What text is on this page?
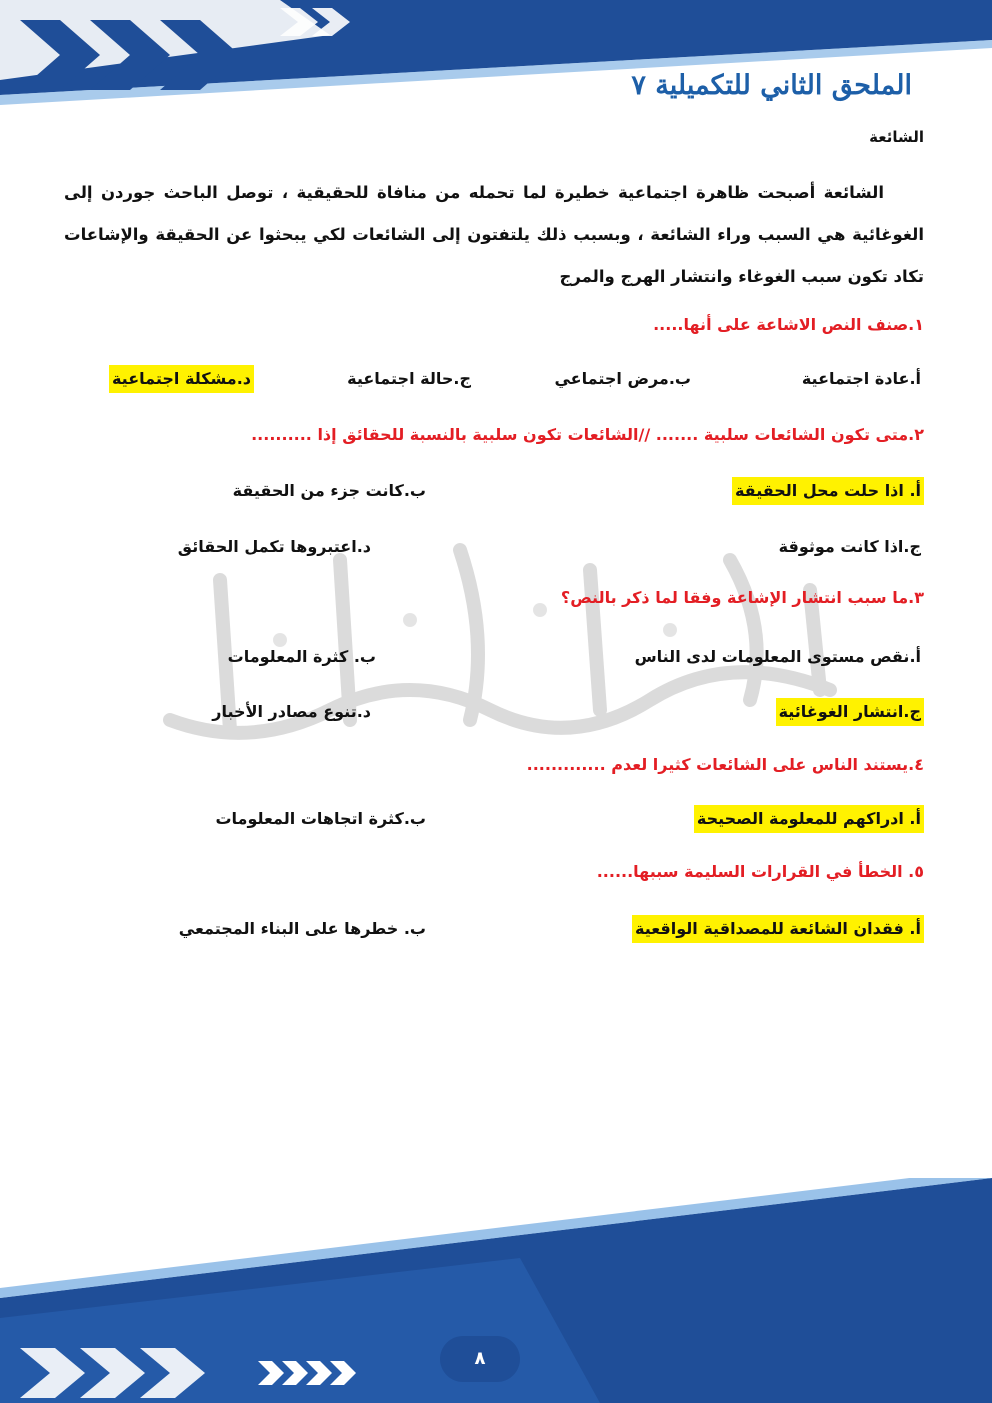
الملحق الثاني للتكميلية ٧
الشائعة

الشائعة أصبحت ظاهرة اجتماعية خطيرة لما تحمله من منافاة للحقيقية ، توصل الباحث جوردن إلى الغوغائية هي السبب وراء الشائعة ، وبسبب ذلك يلتفتون إلى الشائعات لكي يبحثوا عن الحقيقة والإشاعات تكاد تكون سبب الغوغاء وانتشار الهرج والمرج

١.صنف النص الاشاعة على أنها.....

أ.عادة اجتماعية
ب.مرض اجتماعي
ج.حالة اجتماعية
د.مشكلة اجتماعية

٢.متى تكون الشائعات سلبية ....... //الشائعات تكون سلبية بالنسبة للحقائق إذا ..........

أ. اذا حلت محل الحقيقة
ب.كانت جزء من الحقيقة
ج.اذا كانت موثوقة
د.اعتبروها تكمل الحقائق

٣.ما سبب انتشار الإشاعة وفقا لما ذكر بالنص؟

أ.نقص مستوى المعلومات لدى الناس
ب. كثرة المعلومات
ج.انتشار الغوغائية
د.تنوع مصادر الأخبار

٤.يستند الناس على الشائعات كثيرا لعدم .............

أ. ادراكهم للمعلومة الصحيحة
ب.كثرة اتجاهات المعلومات

٥. الخطأ في القرارات السليمة سببها......

أ. فقدان الشائعة للمصداقية الواقعية
ب. خطرها على البناء المجتمعي
٨
